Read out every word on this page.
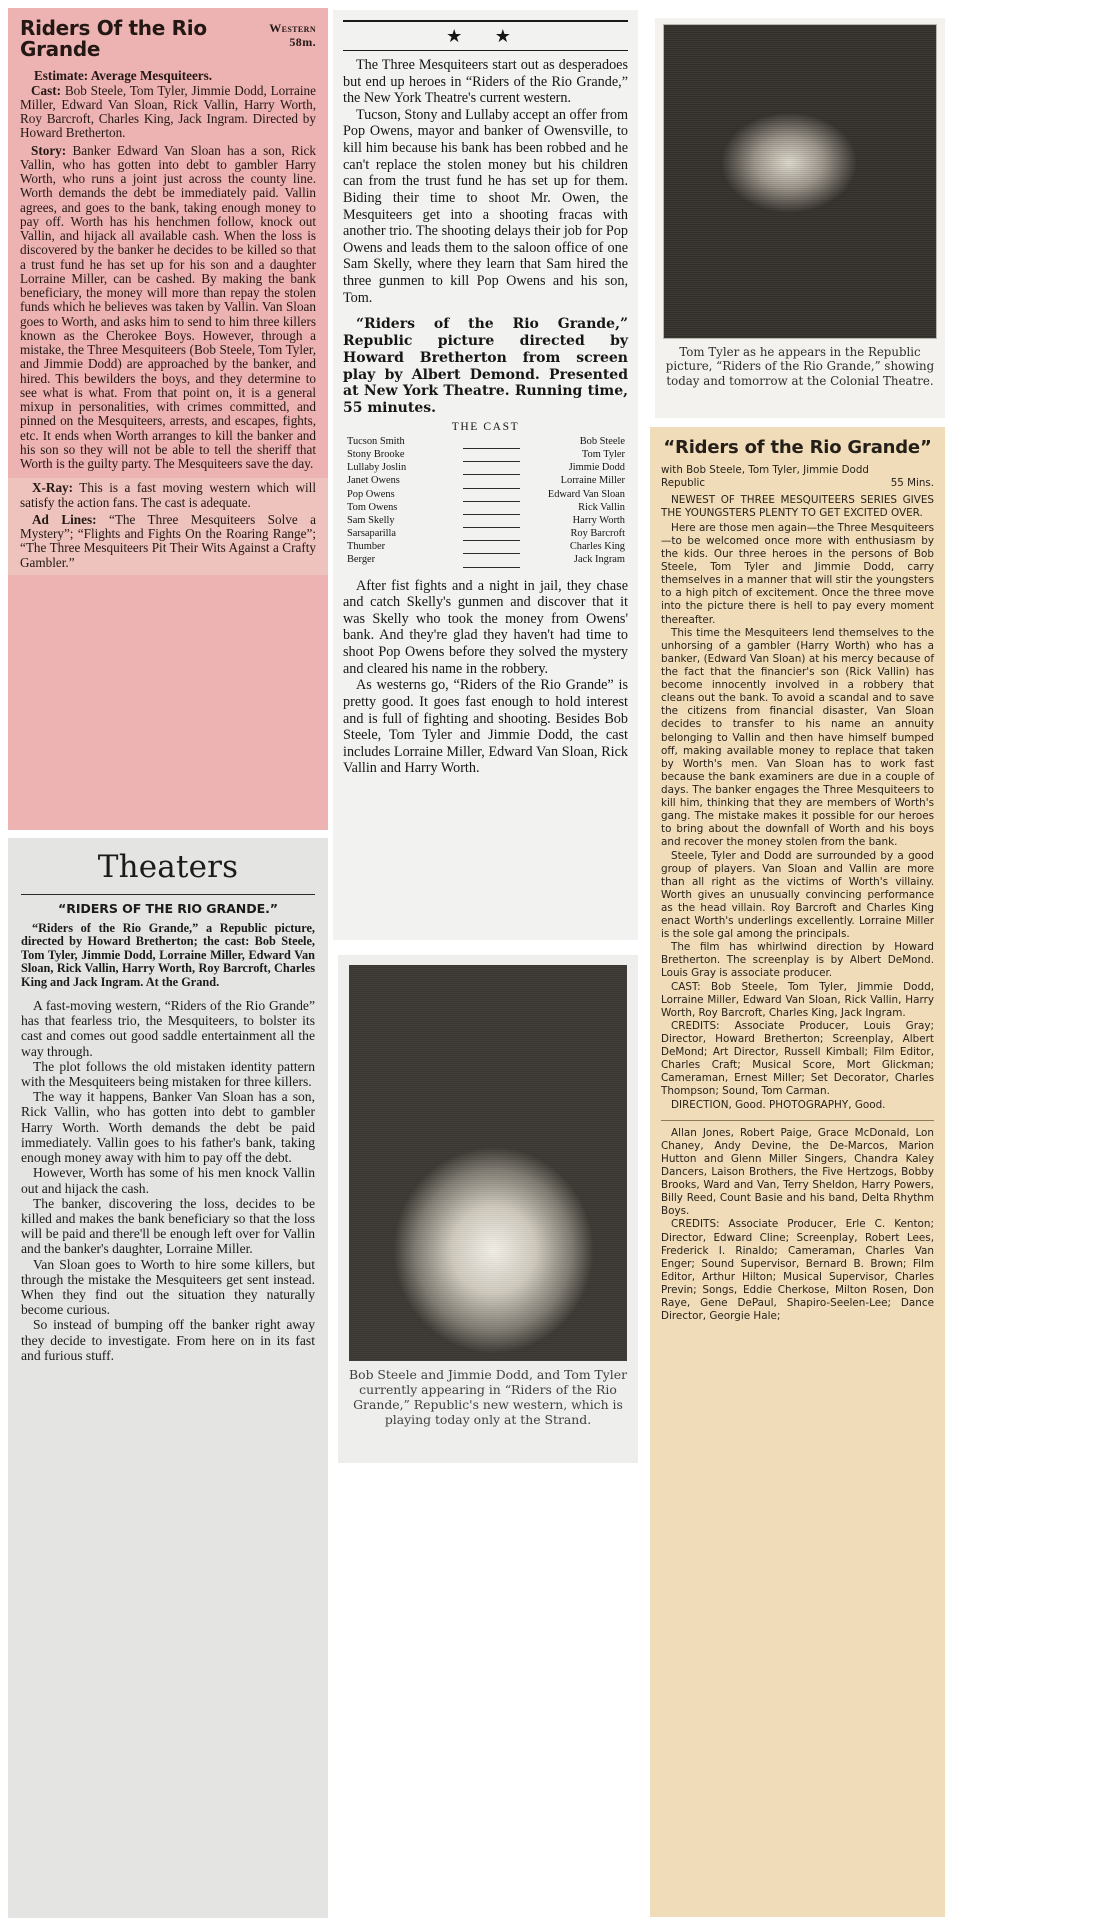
Riders Of the Rio Grande
Western
58m.

Estimate: Average Mesquiteers.

Cast: Bob Steele, Tom Tyler, Jimmie Dodd, Lorraine Miller, Edward Van Sloan, Rick Vallin, Harry Worth, Roy Barcroft, Charles King, Jack Ingram. Directed by Howard Bretherton.

Story: Banker Edward Van Sloan has a son, Rick Vallin, who has gotten into debt to gambler Harry Worth, who runs a joint just across the county line. Worth demands the debt be immediately paid. Vallin agrees, and goes to the bank, taking enough money to pay off. Worth has his henchmen follow, knock out Vallin, and hijack all available cash. When the loss is discovered by the banker he decides to be killed so that a trust fund he has set up for his son and a daughter Lorraine Miller, can be cashed. By making the bank beneficiary, the money will more than repay the stolen funds which he believes was taken by Vallin. Van Sloan goes to Worth, and asks him to send to him three killers known as the Cherokee Boys. However, through a mistake, the Three Mesquiteers (Bob Steele, Tom Tyler, and Jimmie Dodd) are approached by the banker, and hired. This bewilders the boys, and they determine to see what is what. From that point on, it is a general mixup in personalities, with crimes committed, and pinned on the Mesquiteers, arrests, and escapes, fights, etc. It ends when Worth arranges to kill the banker and his son so they will not be able to tell the sheriff that Worth is the guilty party. The Mesquiteers save the day.

X-Ray: This is a fast moving western which will satisfy the action fans. The cast is adequate.

Ad Lines: “The Three Mesquiteers Solve a Mystery”; “Flights and Fights On the Roaring Range”; “The Three Mesquiteers Pit Their Wits Against a Crafty Gambler.”

Theaters
“RIDERS OF THE RIO GRANDE.”
“Riders of the Rio Grande,” a Republic picture, directed by Howard Bretherton; the cast: Bob Steele, Tom Tyler, Jimmie Dodd, Lorraine Miller, Edward Van Sloan, Rick Vallin, Harry Worth, Roy Barcroft, Charles King and Jack Ingram. At the Grand.

A fast-moving western, “Riders of the Rio Grande” has that fearless trio, the Mesquiteers, to bolster its cast and comes out good saddle entertainment all the way through.

The plot follows the old mistaken identity pattern with the Mesquiteers being mistaken for three killers.

The way it happens, Banker Van Sloan has a son, Rick Vallin, who has gotten into debt to gambler Harry Worth. Worth demands the debt be paid immediately. Vallin goes to his father's bank, taking enough money away with him to pay off the debt.

However, Worth has some of his men knock Vallin out and hijack the cash.

The banker, discovering the loss, decides to be killed and makes the bank beneficiary so that the loss will be paid and there'll be enough left over for Vallin and the banker's daughter, Lorraine Miller.

Van Sloan goes to Worth to hire some killers, but through the mistake the Mesquiteers get sent instead. When they find out the situation they naturally become curious.

So instead of bumping off the banker right away they decide to investigate. From here on in its fast and furious stuff.

★ ★

The Three Mesquiteers start out as desperadoes but end up heroes in “Riders of the Rio Grande,” the New York Theatre's current western.

Tucson, Stony and Lullaby accept an offer from Pop Owens, mayor and banker of Owensville, to kill him because his bank has been robbed and he can't replace the stolen money but his children can from the trust fund he has set up for them. Biding their time to shoot Mr. Owen, the Mesquiteers get into a shooting fracas with another trio. The shooting delays their job for Pop Owens and leads them to the saloon office of one Sam Skelly, where they learn that Sam hired the three gunmen to kill Pop Owens and his son, Tom.

“Riders of the Rio Grande,” Republic picture directed by Howard Bretherton from screen play by Albert Demond. Presented at New York Theatre. Running time, 55 minutes.
THE CAST
Tucson Smith		Bob Steele
Stony Brooke		Tom Tyler
Lullaby Joslin		Jimmie Dodd
Janet Owens		Lorraine Miller
Pop Owens		Edward Van Sloan
Tom Owens		Rick Vallin
Sam Skelly		Harry Worth
Sarsaparilla		Roy Barcroft
Thumber		Charles King
Berger		Jack Ingram

After fist fights and a night in jail, they chase and catch Skelly's gunmen and discover that it was Skelly who took the money from Owens' bank. And they're glad they haven't had time to shoot Pop Owens before they solved the mystery and cleared his name in the robbery.

As westerns go, “Riders of the Rio Grande” is pretty good. It goes fast enough to hold interest and is full of fighting and shooting. Besides Bob Steele, Tom Tyler and Jimmie Dodd, the cast includes Lorraine Miller, Edward Van Sloan, Rick Vallin and Harry Worth.

Bob Steele and Jimmie Dodd, and Tom Tyler currently appearing in “Riders of the Rio Grande,” Republic's new western, which is playing today only at the Strand.
Tom Tyler as he appears in the Republic picture, “Riders of the Rio Grande,” showing today and tomorrow at the Colonial Theatre.
“Riders of the Rio Grande”
with Bob Steele, Tom Tyler, Jimmie Dodd
55 Mins.
Republic

NEWEST OF THREE MESQUITEERS SERIES GIVES THE YOUNGSTERS PLENTY TO GET EXCITED OVER.

Here are those men again—the Three Mesquiteers—to be welcomed once more with enthusiasm by the kids. Our three heroes in the persons of Bob Steele, Tom Tyler and Jimmie Dodd, carry themselves in a manner that will stir the youngsters to a high pitch of excitement. Once the three move into the picture there is hell to pay every moment thereafter.

This time the Mesquiteers lend themselves to the unhorsing of a gambler (Harry Worth) who has a banker, (Edward Van Sloan) at his mercy because of the fact that the financier's son (Rick Vallin) has become innocently involved in a robbery that cleans out the bank. To avoid a scandal and to save the citizens from financial disaster, Van Sloan decides to transfer to his name an annuity belonging to Vallin and then have himself bumped off, making available money to replace that taken by Worth's men. Van Sloan has to work fast because the bank examiners are due in a couple of days. The banker engages the Three Mesquiteers to kill him, thinking that they are members of Worth's gang. The mistake makes it possible for our heroes to bring about the downfall of Worth and his boys and recover the money stolen from the bank.

Steele, Tyler and Dodd are surrounded by a good group of players. Van Sloan and Vallin are more than all right as the victims of Worth's villainy. Worth gives an unusually convincing performance as the head villain. Roy Barcroft and Charles King enact Worth's underlings excellently. Lorraine Miller is the sole gal among the principals.

The film has whirlwind direction by Howard Bretherton. The screenplay is by Albert DeMond. Louis Gray is associate producer.

CAST: Bob Steele, Tom Tyler, Jimmie Dodd, Lorraine Miller, Edward Van Sloan, Rick Vallin, Harry Worth, Roy Barcroft, Charles King, Jack Ingram.

CREDITS: Associate Producer, Louis Gray; Director, Howard Bretherton; Screenplay, Albert DeMond; Art Director, Russell Kimball; Film Editor, Charles Craft; Musical Score, Mort Glickman; Cameraman, Ernest Miller; Set Decorator, Charles Thompson; Sound, Tom Carman.

DIRECTION, Good. PHOTOGRAPHY, Good.

Allan Jones, Robert Paige, Grace McDonald, Lon Chaney, Andy Devine, the De-Marcos, Marion Hutton and Glenn Miller Singers, Chandra Kaley Dancers, Laison Brothers, the Five Hertzogs, Bobby Brooks, Ward and Van, Terry Sheldon, Harry Powers, Billy Reed, Count Basie and his band, Delta Rhythm Boys.

CREDITS: Associate Producer, Erle C. Kenton; Director, Edward Cline; Screenplay, Robert Lees, Frederick I. Rinaldo; Cameraman, Charles Van Enger; Sound Supervisor, Bernard B. Brown; Film Editor, Arthur Hilton; Musical Supervisor, Charles Previn; Songs, Eddie Cherkose, Milton Rosen, Don Raye, Gene DePaul, Shapiro-Seelen-Lee; Dance Director, Georgie Hale;
